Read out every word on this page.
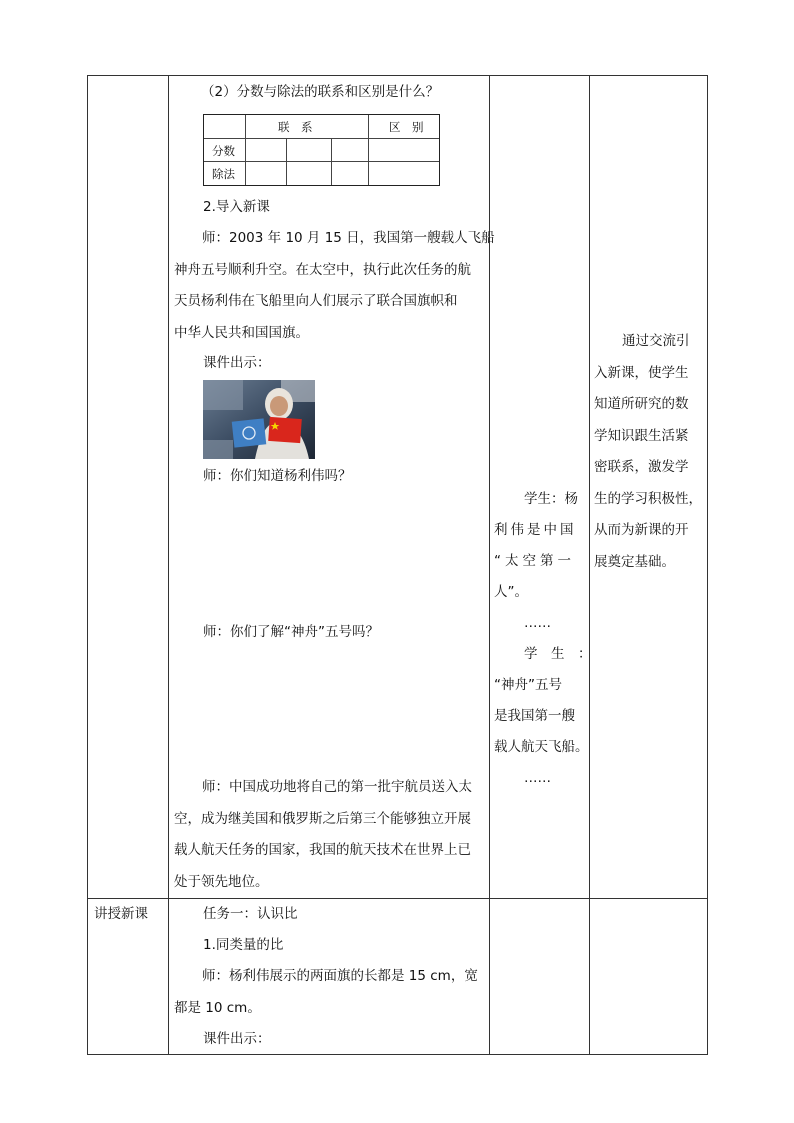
（2）分数与除法的联系和区别是什么？
联　系	区　别
分数
除法
2.导入新课
师：2003 年 10 月 15 日，我国第一艘载人飞船
神舟五号顺利升空。在太空中，执行此次任务的航
天员杨利伟在飞船里向人们展示了联合国旗帜和
中华人民共和国国旗。
课件出示：
师：你们知道杨利伟吗？
师：你们了解“神舟”五号吗？
师：中国成功地将自己的第一批宇航员送入太
空，成为继美国和俄罗斯之后第三个能够独立开展
载人航天任务的国家，我国的航天技术在世界上已
处于领先地位。
学生：杨
利伟是中国
“太空第一
人”。
……
学　生　：
“神舟”五号
是我国第一艘
载人航天飞船。
……
通过交流引
入新课，使学生
知道所研究的数
学知识跟生活紧
密联系，激发学
生的学习积极性，
从而为新课的开
展奠定基础。
讲授新课	任务一：认识比
1.同类量的比
师：杨利伟展示的两面旗的长都是 15 cm，宽
都是 10 cm。
课件出示：
